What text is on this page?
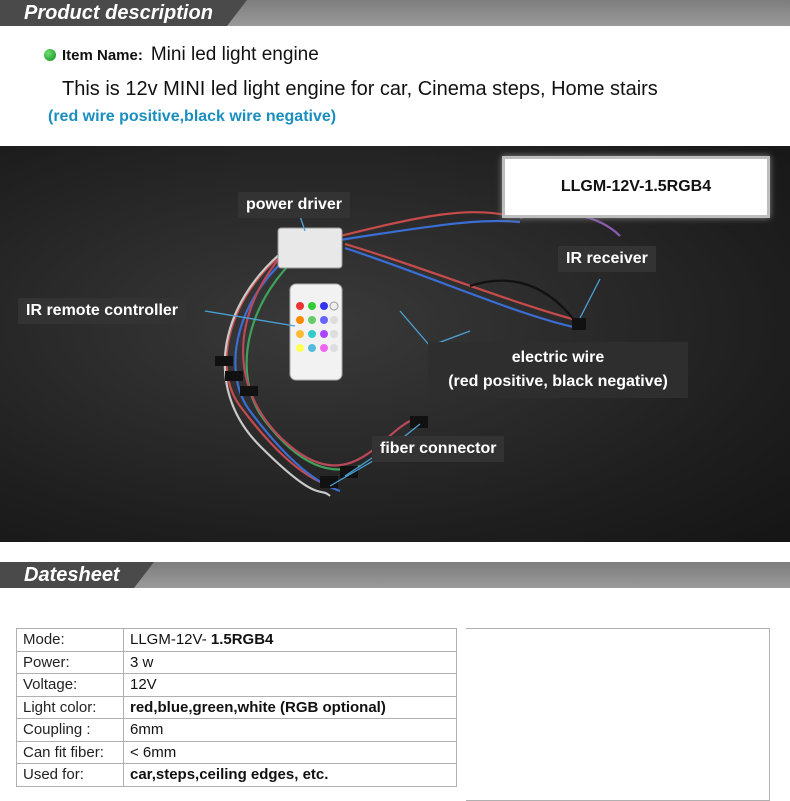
Product description
Item Name: Mini led light engine
This is 12v MINI led light engine for car, Cinema steps, Home stairs
(red wire positive,black wire negative)
LLGM-12V-1.5RGB4
power driver
IR receiver
IR remote controller
electric wire
(red positive, black negative)
fiber connector
Datesheet
Mode:	LLGM-12V- 1.5RGB4
Power:	3 w
Voltage:	12V
Light color:	red,blue,green,white (RGB optional)
Coupling :	6mm
Can fit fiber:	< 6mm
Used for:	car,steps,ceiling edges, etc.
